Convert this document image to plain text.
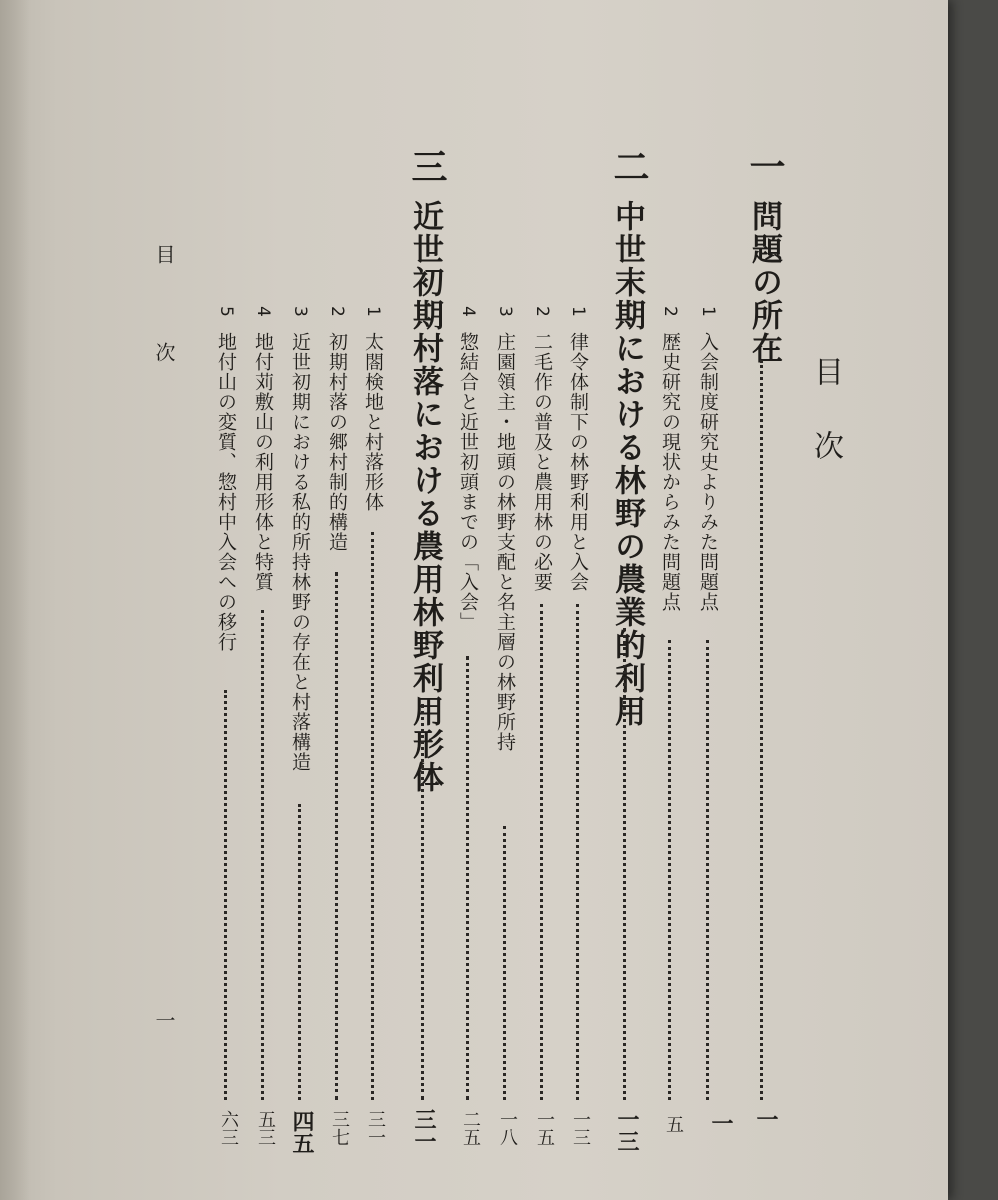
目
次
一
問題の所在
一
1
入会制度研究史よりみた問題点
一
2
歴史研究の現状からみた問題点
五
二
中世末期における林野の農業的利用
一三
1
律令体制下の林野利用と入会
一三
2
二毛作の普及と農用林の必要
一五
3
庄園領主・地頭の林野支配と名主層の林野所持
一八
4
惣結合と近世初頭までの「入会」
二五
三
近世初期村落における農用林野利用形体
三一
1
太閤検地と村落形体
三一
2
初期村落の郷村制的構造
三七
3
近世初期における私的所持林野の存在と村落構造
四五
4
地付苅敷山の利用形体と特質
五三
5
地付山の変質、惣村中入会への移行
六三
目
次
一
